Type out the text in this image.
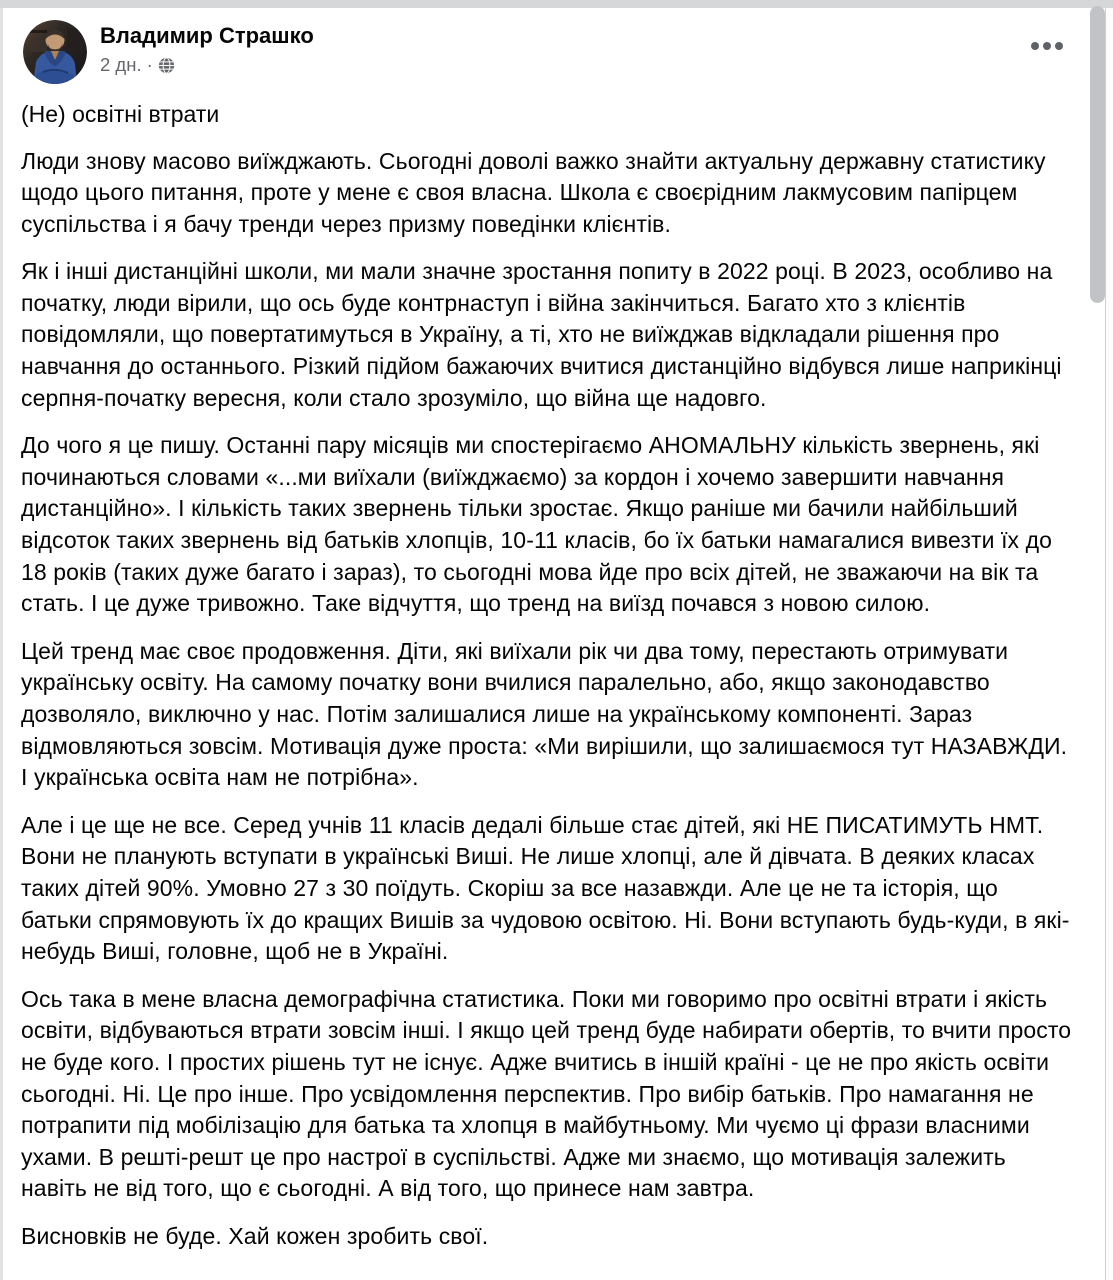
Владимир Страшко
2 дн. ·
(Не) освітні втрати

Люди знову масово виїжджають. Сьогодні доволі важко знайти актуальну державну статистику щодо цього питання, проте у мене є своя власна. Школа є своєрідним лакмусовим папірцем суспільства і я бачу тренди через призму поведінки клієнтів.

Як і інші дистанційні школи, ми мали значне зростання попиту в 2022 році. В 2023, особливо на початку, люди вірили, що ось буде контрнаступ і війна закінчиться. Багато хто з клієнтів повідомляли, що повертатимуться в Україну, а ті, хто не виїжджав відкладали рішення про навчання до останнього. Різкий підйом бажаючих вчитися дистанційно відбувся лише наприкінці серпня-початку вересня, коли стало зрозуміло, що війна ще надовго.

До чого я це пишу. Останні пару місяців ми спостерігаємо АНОМАЛЬНУ кількість звернень, які починаються словами «...ми виїхали (виїжджаємо) за кордон і хочемо завершити навчання дистанційно». І кількість таких звернень тільки зростає. Якщо раніше ми бачили найбільший відсоток таких звернень від батьків хлопців, 10-11 класів, бо їх батьки намагалися вивезти їх до 18 років (таких дуже багато і зараз), то сьогодні мова йде про всіх дітей, не зважаючи на вік та стать. І це дуже тривожно. Таке відчуття, що тренд на виїзд почався з новою силою.

Цей тренд має своє продовження. Діти, які виїхали рік чи два тому, перестають отримувати українську освіту. На самому початку вони вчилися паралельно, або, якщо законодавство дозволяло, виключно у нас. Потім залишалися лише на українському компоненті. Зараз відмовляються зовсім. Мотивація дуже проста: «Ми вирішили, що залишаємося тут НАЗАВЖДИ. І українська освіта нам не потрібна».

Але і це ще не все. Серед учнів 11 класів дедалі більше стає дітей, які НЕ ПИСАТИМУТЬ НМТ. Вони не планують вступати в українські Виші. Не лише хлопці, але й дівчата. В деяких класах таких дітей 90%. Умовно 27 з 30 поїдуть. Скоріш за все назавжди. Але це не та історія, що батьки спрямовують їх до кращих Вишів за чудовою освітою. Ні. Вони вступають будь-куди, в які-небудь Виші, головне, щоб не в Україні.

Ось така в мене власна демографічна статистика. Поки ми говоримо про освітні втрати і якість освіти, відбуваються втрати зовсім інші. І якщо цей тренд буде набирати обертів, то вчити просто не буде кого. І простих рішень тут не існує. Адже вчитись в іншій країні - це не про якість освіти сьогодні. Ні. Це про інше. Про усвідомлення перспектив. Про вибір батьків. Про намагання не потрапити під мобілізацію для батька та хлопця в майбутньому. Ми чуємо ці фрази власними ухами. В решті-решт це про настрої в суспільстві. Адже ми знаємо, що мотивація залежить навіть не від того, що є сьогодні. А від того, що принесе нам завтра.

Висновків не буде. Хай кожен зробить свої.
